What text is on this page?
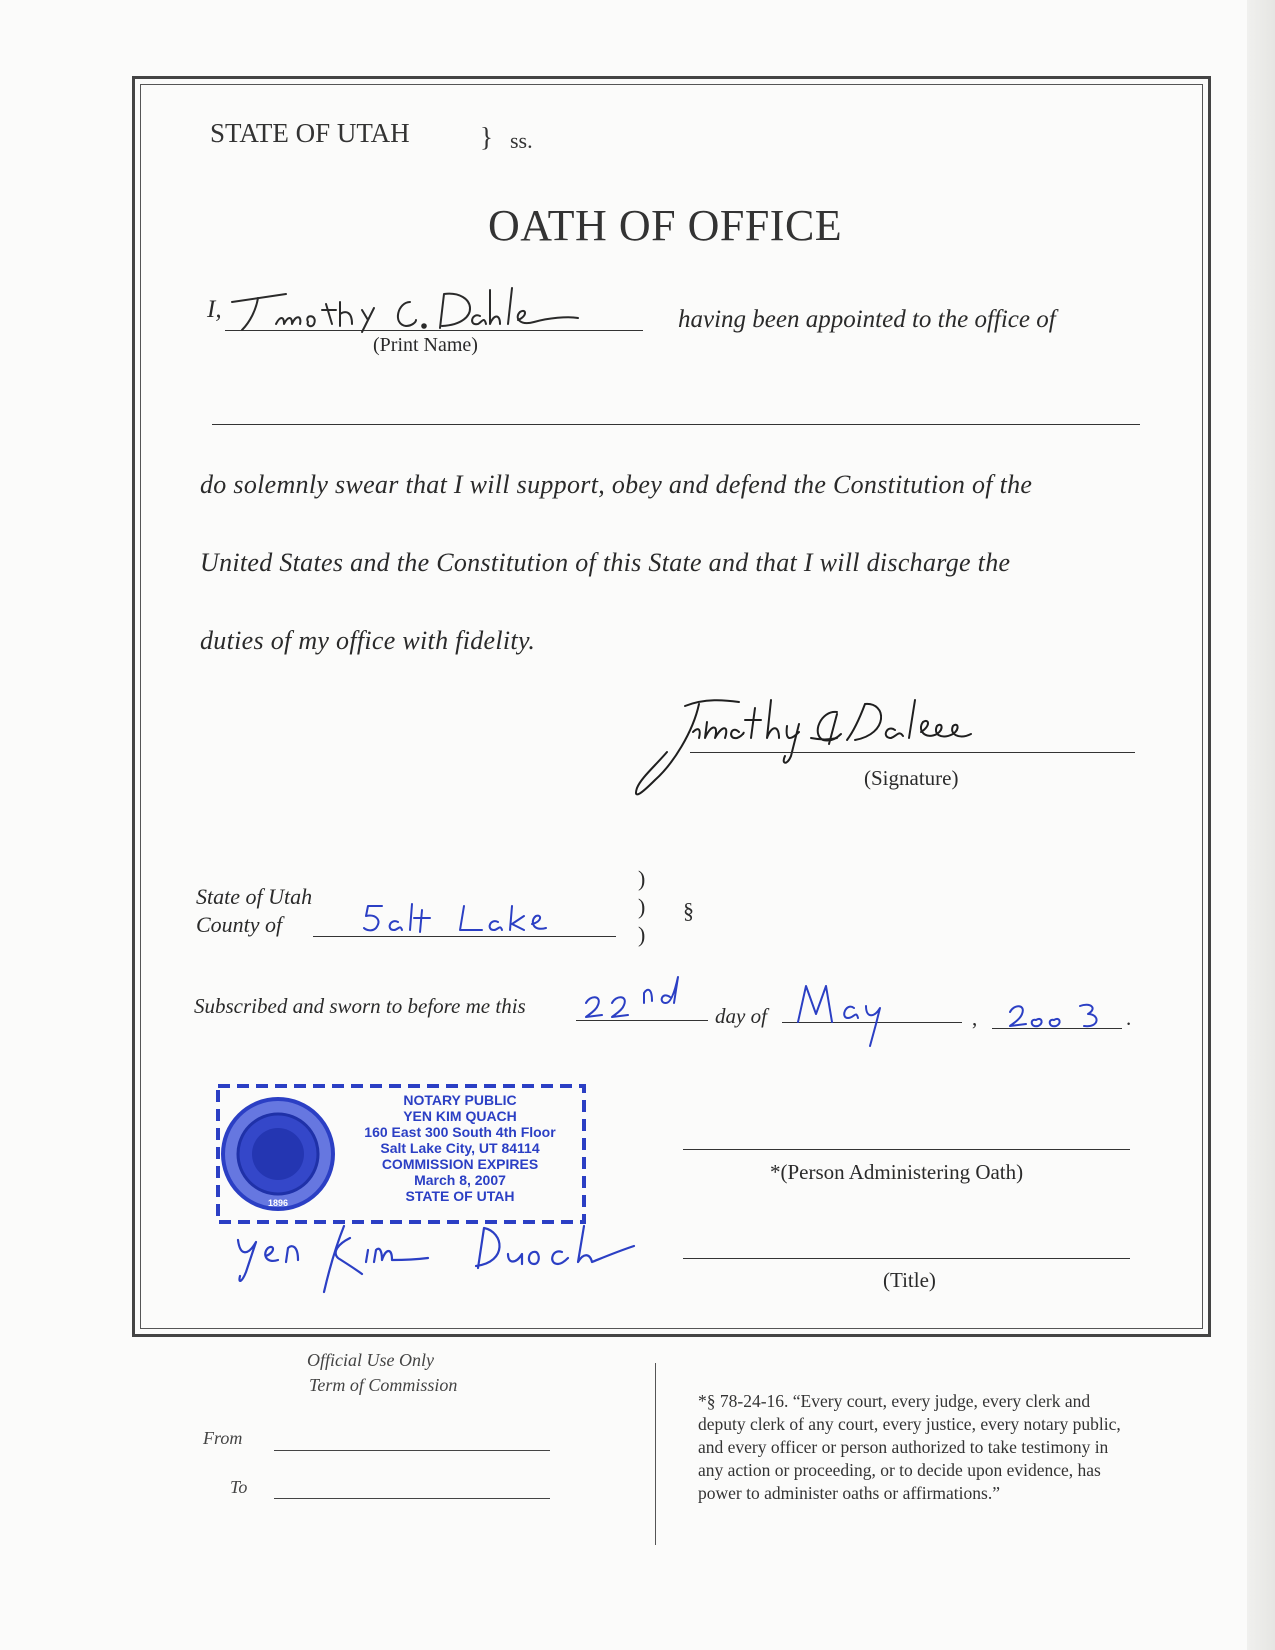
STATE OF UTAH	} ss.
OATH OF OFFICE
I,
(Print Name)
having been appointed to the office of
do solemnly swear that I will support, obey and defend the Constitution of the
United States and the Constitution of this State and that I will discharge the
duties of my office with fidelity.
(Signature)
State of Utah
County of
)
)
)
§
Subscribed and sworn to before me this	day of	,	.
1896
NOTARY PUBLIC
YEN KIM QUACH
160 East 300 South 4th Floor
Salt Lake City, UT 84114
COMMISSION EXPIRES
March 8, 2007
STATE OF UTAH
*(Person Administering Oath)
(Title)
Official Use Only
Term of Commission
From
To
*§ 78-24-16. “Every court, every judge, every clerk and
deputy clerk of any court, every justice, every notary public,
and every officer or person authorized to take testimony in
any action or proceeding, or to decide upon evidence, has
power to administer oaths or affirmations.”
